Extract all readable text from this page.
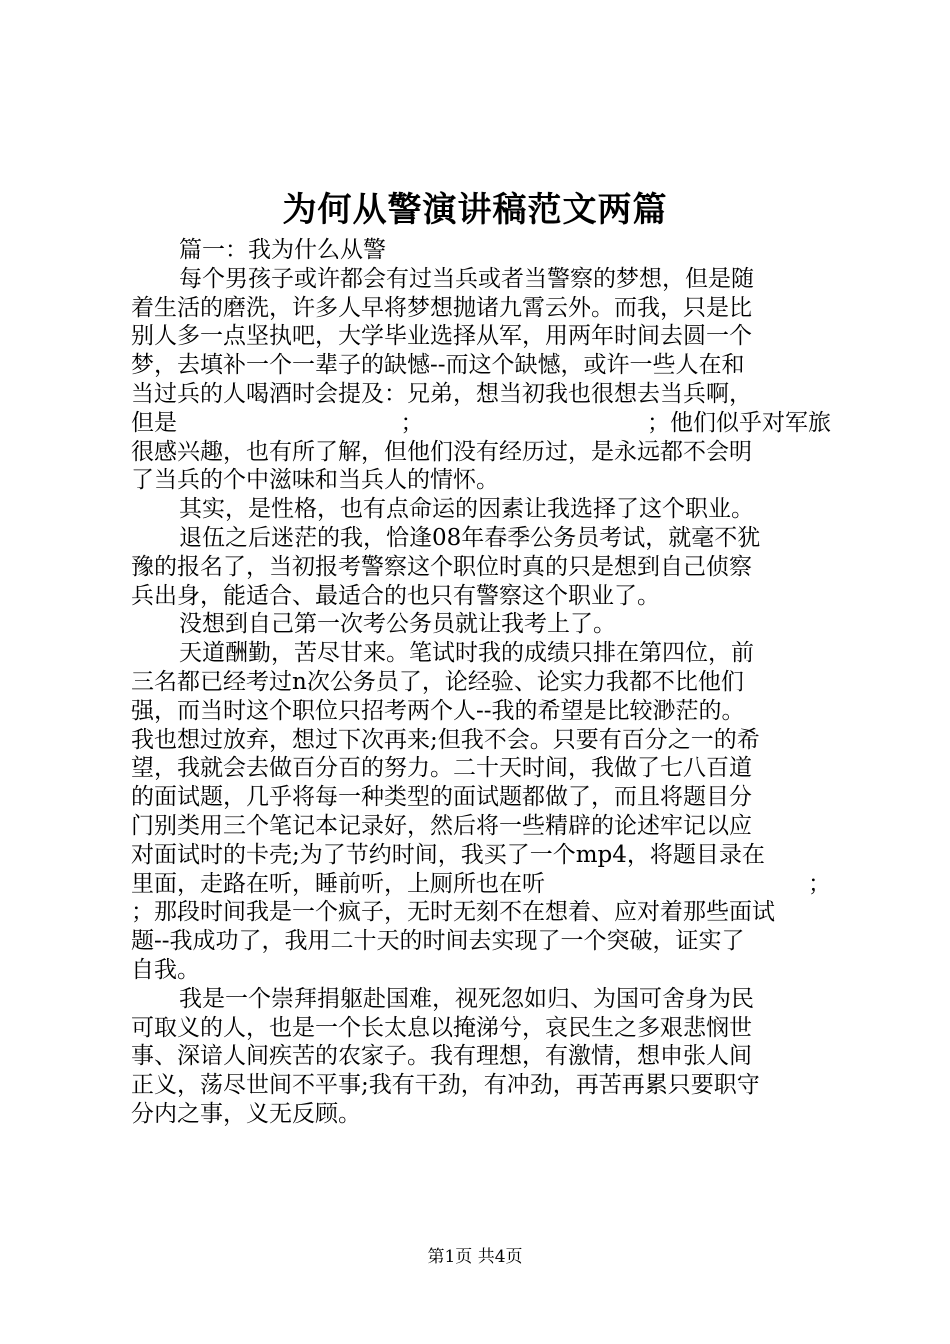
为何从警演讲稿范文两篇
篇一：我为什么从警
每个男孩子或许都会有过当兵或者当警察的梦想，但是随
着生活的磨洗，许多人早将梦想抛诸九霄云外。而我，只是比
别人多一点坚执吧，大学毕业选择从军，用两年时间去圆一个
梦，去填补一个一辈子的缺憾--而这个缺憾，或许一些人在和
当过兵的人喝酒时会提及：兄弟，想当初我也很想去当兵啊，
但是	；	；他们似乎对军旅
很感兴趣，也有所了解，但他们没有经历过，是永远都不会明
了当兵的个中滋味和当兵人的情怀。
其实，是性格，也有点命运的因素让我选择了这个职业。
退伍之后迷茫的我，恰逢08年春季公务员考试，就毫不犹
豫的报名了，当初报考警察这个职位时真的只是想到自己侦察
兵出身，能适合、最适合的也只有警察这个职业了。
没想到自己第一次考公务员就让我考上了。
天道酬勤，苦尽甘来。笔试时我的成绩只排在第四位，前
三名都已经考过n次公务员了，论经验、论实力我都不比他们
强，而当时这个职位只招考两个人--我的希望是比较渺茫的。
我也想过放弃，想过下次再来;但我不会。只要有百分之一的希
望，我就会去做百分百的努力。二十天时间，我做了七八百道
的面试题，几乎将每一种类型的面试题都做了，而且将题目分
门别类用三个笔记本记录好，然后将一些精辟的论述牢记以应
对面试时的卡壳;为了节约时间，我买了一个mp4，将题目录在
里面，走路在听，睡前听，上厕所也在听	；
；那段时间我是一个疯子，无时无刻不在想着、应对着那些面试
题--我成功了，我用二十天的时间去实现了一个突破，证实了
自我。
我是一个崇拜捐躯赴国难，视死忽如归、为国可舍身为民
可取义的人，也是一个长太息以掩涕兮，哀民生之多艰悲悯世
事、深谙人间疾苦的农家子。我有理想，有激情，想申张人间
正义，荡尽世间不平事;我有干劲，有冲劲，再苦再累只要职守
分内之事，义无反顾。
第1页 共4页
